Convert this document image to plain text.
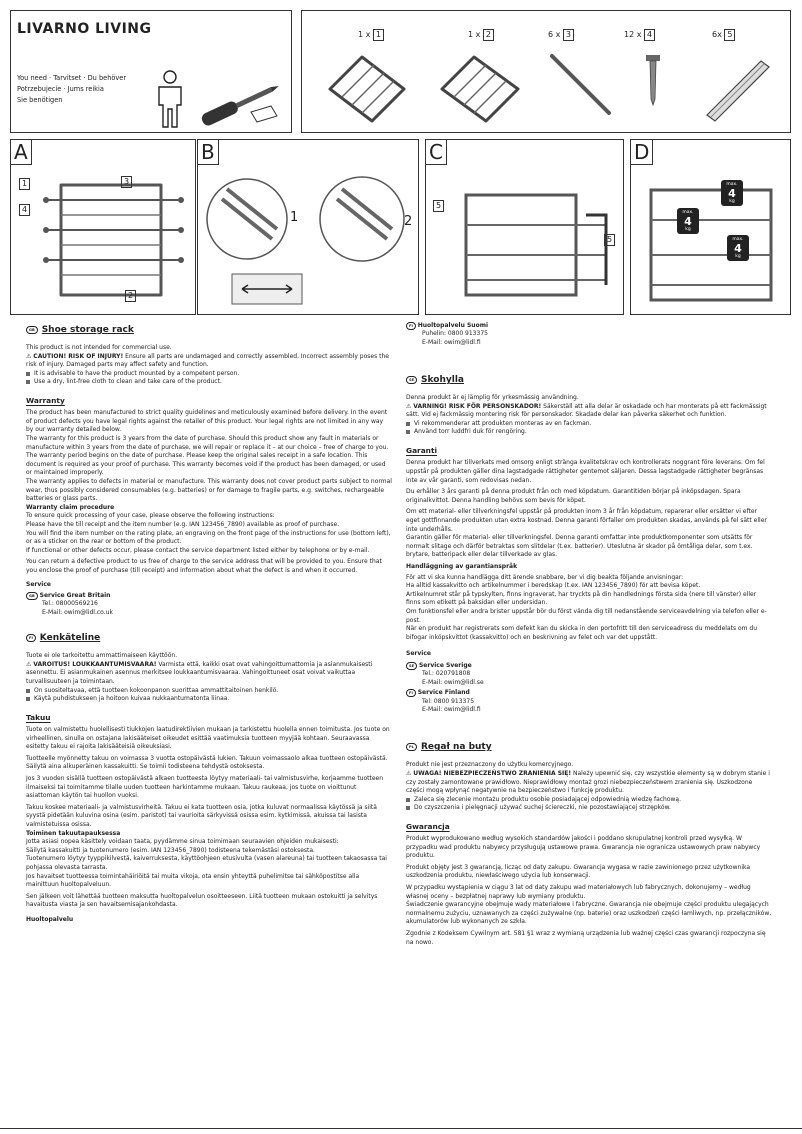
LIVARNO LIVING
You need · Tarvitset · Du behöver
Potrzebujecie · Jums reikia
Sie benötigen
1 x 1	1 x 2	6 x 3	12 x 4	6x 5
A
1	3
4
2
B
1	2
C
5
5
D
max.
4
kg
max.
4
kg
max.
4
kg
GB Shoe storage rack

This product is not intended for commercial use.

⚠ CAUTION! RISK OF INJURY! Ensure all parts are undamaged and correctly assembled. Incorrect assembly poses the risk of injury. Damaged parts may affect safety and function.

It is advisable to have the product mounted by a competent person.
Use a dry, lint-free cloth to clean and take care of the product.
Warranty

The product has been manufactured to strict quality guidelines and meticulously examined before delivery. In the event of product defects you have legal rights against the retailer of this product. Your legal rights are not limited in any way by our warranty detailed below.

The warranty for this product is 3 years from the date of purchase. Should this product show any fault in materials or manufacture within 3 years from the date of purchase, we will repair or replace it – at our choice – free of charge to you.

The warranty period begins on the date of purchase. Please keep the original sales receipt in a safe location. This document is required as your proof of purchase. This warranty becomes void if the product has been damaged, or used or maintained improperly.

The warranty applies to defects in material or manufacture. This warranty does not cover product parts subject to normal wear, thus possibly considered consumables (e.g. batteries) or for damage to fragile parts, e.g. switches, rechargeable batteries or glass parts.

Warranty claim procedure

To ensure quick processing of your case, please observe the following instructions:

Please have the till receipt and the item number (e.g. IAN 123456_7890) available as proof of purchase.

You will find the item number on the rating plate, an engraving on the front page of the instructions for use (bottom left), or as a sticker on the rear or bottom of the product.

If functional or other defects occur, please contact the service department listed either by telephone or by e-mail.

You can return a defective product to us free of charge to the service address that will be provided to you. Ensure that you enclose the proof of purchase (till receipt) and information about what the defect is and when it occurred.

Service

GB Service Great Britain
Tel.: 08000569216
E-Mail: owim@lidl.co.uk
FI Kenkäteline

Tuote ei ole tarkoitettu ammattimaiseen käyttöön.

⚠ VAROITUS! LOUKKAANTUMISVAARA! Varmista että, kaikki osat ovat vahingoittumattomia ja asianmukaisesti asennettu. Ei asianmukainen asennus merkitsee loukkaantumisvaaraa. Vahingoittuneet osat voivat vaikuttaa turvallisuuteen ja toimintaan.

On suositeltavaa, että tuotteen kokoonpanon suorittaa ammattitaitoinen henkilö.
Käytä puhdistukseen ja hoitoon kuivaa nukkaantumatonta liinaa.
Takuu

Tuote on valmistettu huolellisesti tiukkojen laatudirektiivien mukaan ja tarkistettu huolella ennen toimitusta. Jos tuote on virheellinen, sinulla on ostajana lakisääteiset oikeudet esittää vaatimuksia tuotteen myyjää kohtaan. Seuraavassa esitetty takuu ei rajoita lakisääteisiä oikeuksiasi.

Tuotteelle myönnetty takuu on voimassa 3 vuotta ostopäivästä lukien. Takuun voimassaolo alkaa tuotteen ostopäivästä. Säilytä aina alkuperäinen kassakuitti. Se toimii todisteena tehdystä ostoksesta.

Jos 3 vuoden sisällä tuotteen ostopäivästä alkaen tuotteesta löytyy materiaali- tai valmistusvirhe, korjaamme tuotteen ilmaiseksi tai toimitamme tilalle uuden tuotteen harkintamme mukaan. Takuu raukeaa, jos tuote on vioittunut asiattoman käytön tai huollon vuoksi.

Takuu koskee materiaali- ja valmistusvirheitä. Takuu ei kata tuotteen osia, jotka kuluvat normaalissa käytössä ja siitä syystä pidetään kuluvina osina (esim. paristot) tai vaurioita särkyvissä osissa esim. kytkimissä, akuissa tai lasista valmistetuissa osissa.

Toiminen takuutapauksessa

Jotta asiasi nopea käsittely voidaan taata, pyydämme sinua toimimaan seuraavien ohjeiden mukaisesti:

Säilytä kassakuitti ja tuotenumero (esim. IAN 123456_7890) todisteena tekemästäsi ostoksesta.

Tuotenumero löytyy tyyppikilvestä, kaiverruksesta, käyttöohjeen etusivulta (vasen alareuna) tai tuotteen takaosassa tai pohjassa olevasta tarrasta.

Jos havaitset tuotteessa toimintahäiriöitä tai muita vikoja, ota ensin yhteyttä puhelimitse tai sähköpostitse alla mainittuun huoltopalveluun.

Sen jälkeen voit lähettää tuotteen maksutta huoltopalvelun osoitteeseen. Liitä tuotteen mukaan ostokuitti ja selvitys havaitusta viasta ja sen havaitsemisajankohdasta.

Huoltopalvelu

FI Huoltopalvelu Suomi
Puhelin: 0800 913375
E-Mail: owim@lidl.fi
SE Skohylla

Denna produkt är ej lämplig för yrkesmässig användning.

⚠ VARNING! RISK FÖR PERSONSKADOR! Säkerställ att alla delar är oskadade och har monterats på ett fackmässigt sätt. Vid ej fackmässig montering risk för personskador. Skadade delar kan påverka säkerhet och funktion.

Vi rekommenderar att produkten monteras av en fackman.
Använd torr luddfri duk för rengöring.
Garanti

Denna produkt har tillverkats med omsorg enligt stränga kvalitetskrav och kontrollerats noggrant före leverans. Om fel uppstår på produkten gäller dina lagstadgade rättigheter gentemot säljaren. Dessa lagstadgade rättigheter begränsas inte av vår garanti, som redovisas nedan.

Du erhåller 3 års garanti på denna produkt från och med köpdatum. Garantitiden börjar på inköpsdagen. Spara originalkvittot. Denna handling behövs som bevis för köpet.

Om ett material- eller tillverkningsfel uppstår på produkten inom 3 år från köpdatum, reparerar eller ersätter vi efter eget gottfinnande produkten utan extra kostnad. Denna garanti förfaller om produkten skadas, används på fel sätt eller inte underhålls.

Garantin gäller för material- eller tillverkningsfel. Denna garanti omfattar inte produktkomponenter som utsätts för normalt slitage och därför betraktas som slitdelar (t.ex. batterier). Uteslutna är skador på ömtåliga delar, som t.ex. brytare, batteripack eller delar tillverkade av glas.

Handläggning av garantianspråk

För att vi ska kunna handlägga ditt ärende snabbare, ber vi dig beakta följande anvisningar:

Ha alltid kassakvitto och artikelnummer i beredskap (t.ex. IAN 123456_7890) för att bevisa köpet.

Artikelnumret står på typskylten, finns ingraverat, har tryckts på din handlednings första sida (nere till vänster) eller finns som etikett på baksidan eller undersidan.

Om funktionsfel eller andra brister uppstår bör du först vända dig till nedanstående serviceavdelning via telefon eller e-post.

När en produkt har registrerats som defekt kan du skicka in den portofritt till den serviceadress du meddelats om du bifogar inköpskvittot (kassakvitto) och en beskrivning av felet och var det uppstått.

Service

SE Service Sverige
Tel.: 020791808
E-Mail: owim@lidl.se
FI Service Finland
Tel: 0800 913375
E-Mail: owim@lidl.fi
PL Regał na buty

Produkt nie jest przeznaczony do użytku komercyjnego.

⚠ UWAGA! NIEBEZPIECZEŃSTWO ZRANIENIA SIĘ! Należy upewnić się, czy wszystkie elementy są w dobrym stanie i czy zostały zamontowane prawidłowo. Nieprawidłowy montaż grozi niebezpieczeństwem zranienia się. Uszkodzone części mogą wpłynąć negatywnie na bezpieczeństwo i funkcję produktu.

Zaleca się zlecenie montażu produktu osobie posiadającej odpowiednią wiedzę fachową.
Do czyszczenia i pielęgnacji używać suchej ściereczki, nie pozostawiającej strzępków.
Gwarancja

Produkt wyprodukowano według wysokich standardów jakości i poddano skrupulatnej kontroli przed wysyłką. W przypadku wad produktu nabywcy przysługują ustawowe prawa. Gwarancja nie ogranicza ustawowych praw nabywcy produktu.

Produkt objęty jest 3 gwarancją, licząc od daty zakupu. Gwarancja wygasa w razie zawinionego przez użytkownika uszkodzenia produktu, niewłaściwego użycia lub konserwacji.

W przypadku wystąpienia w ciągu 3 lat od daty zakupu wad materiałowych lub fabrycznych, dokonujemy – według własnej oceny – bezpłatnej naprawy lub wymiany produktu.

Świadczenie gwarancyjne obejmuje wady materiałowe i fabryczne. Gwarancja nie obejmuje części produktu ulegających normalnemu zużyciu, uznawanych za części zużywalne (np. baterie) oraz uszkodzeń części łamliwych, np. przełączników, akumulatorów lub wykonanych ze szkła.

Zgodnie z Kodeksem Cywilnym art. 581 §1 wraz z wymianą urządzenia lub ważnej części czas gwarancji rozpoczyna się na nowo.
